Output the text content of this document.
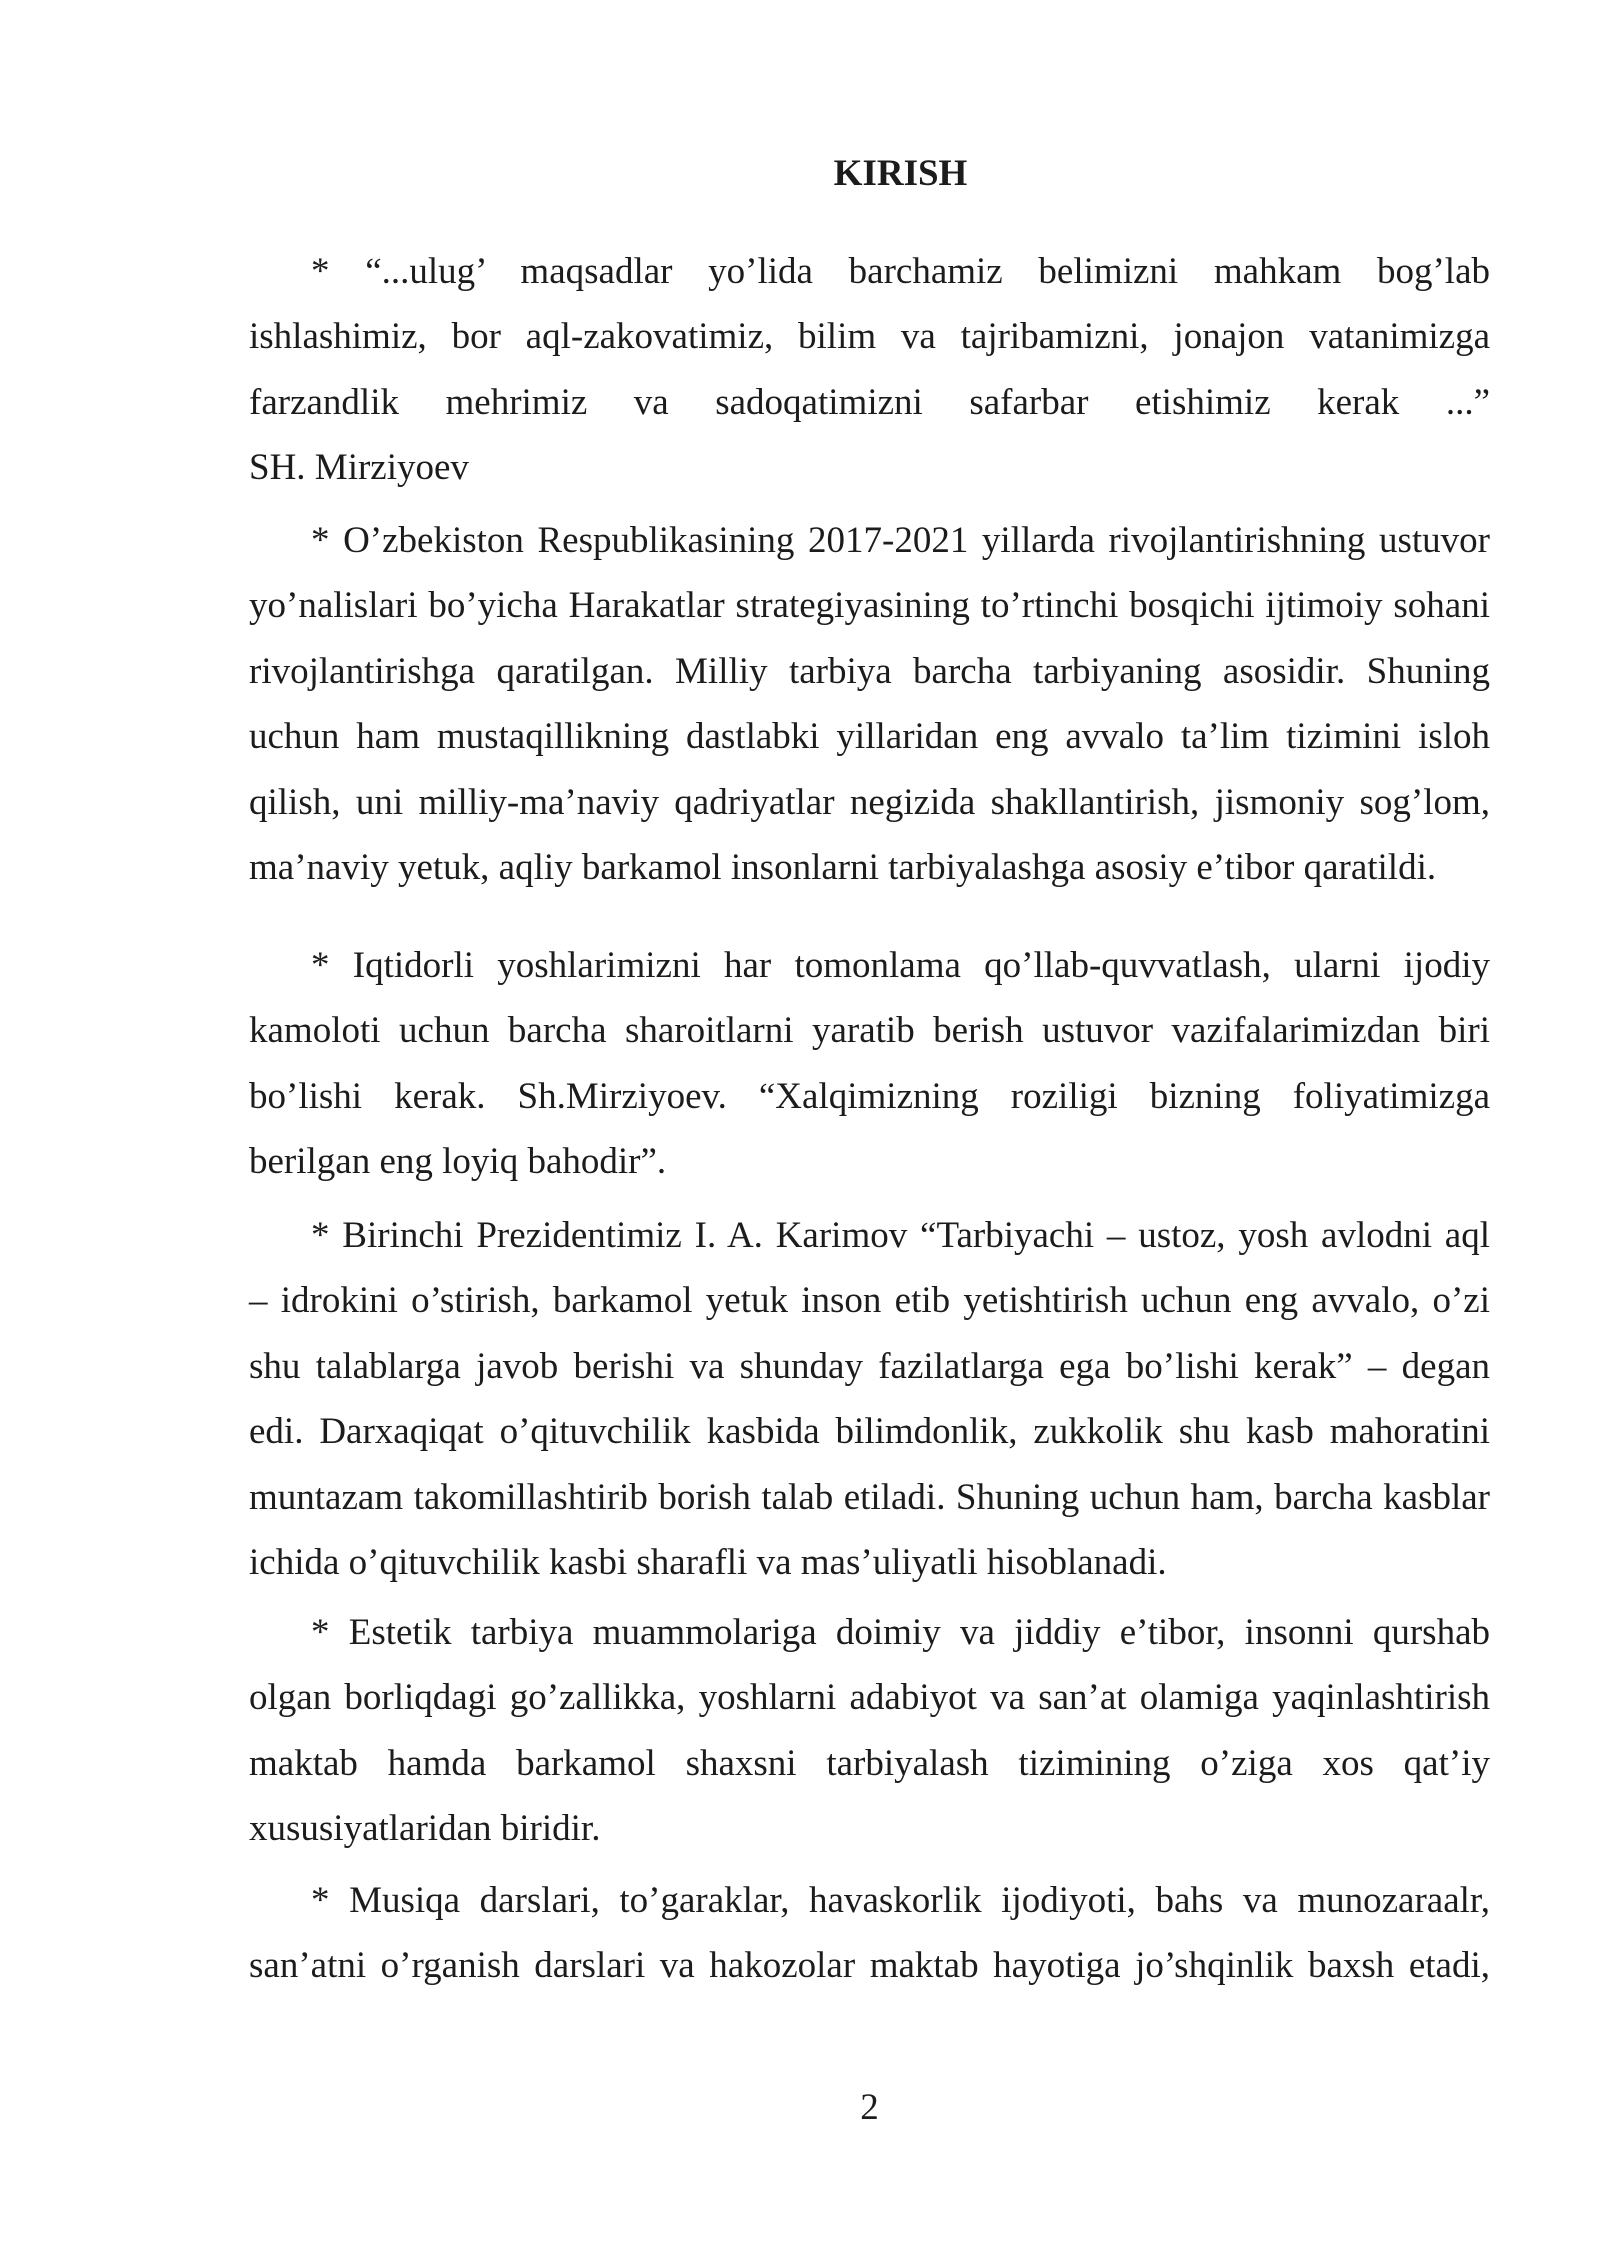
KIRISH
* “...ulug’ maqsadlar yo’lida barchamiz belimizni mahkam bog’lab
ishlashimiz, bor aql-zakovatimiz, bilim va tajribamizni, jonajon vatanimizga
farzandlik mehrimiz va sadoqatimizni safarbar etishimiz kerak ...”
SH. Mirziyoev
* O’zbekiston Respublikasining 2017-2021 yillarda rivojlantirishning ustuvor
yo’nalislari bo’yicha Harakatlar strategiyasining to’rtinchi bosqichi ijtimoiy sohani
rivojlantirishga qaratilgan. Milliy tarbiya barcha tarbiyaning asosidir. Shuning
uchun ham mustaqillikning dastlabki yillaridan eng avvalo ta’lim tizimini isloh
qilish, uni milliy-ma’naviy qadriyatlar negizida shakllantirish, jismoniy sog’lom,
ma’naviy yetuk, aqliy barkamol insonlarni tarbiyalashga asosiy e’tibor qaratildi.
* Iqtidorli yoshlarimizni har tomonlama qo’llab-quvvatlash, ularni ijodiy
kamoloti uchun barcha sharoitlarni yaratib berish ustuvor vazifalarimizdan biri
bo’lishi kerak. Sh.Mirziyoev. “Xalqimizning roziligi bizning foliyatimizga
berilgan eng loyiq bahodir”.
* Birinchi Prezidentimiz I. A. Karimov “Tarbiyachi – ustoz, yosh avlodni aql
– idrokini o’stirish, barkamol yetuk inson etib yetishtirish uchun eng avvalo, o’zi
shu talablarga javob berishi va shunday fazilatlarga ega bo’lishi kerak” – degan
edi. Darxaqiqat o’qituvchilik kasbida bilimdonlik, zukkolik shu kasb mahoratini
muntazam takomillashtirib borish talab etiladi. Shuning uchun ham, barcha kasblar
ichida o’qituvchilik kasbi sharafli va mas’uliyatli hisoblanadi.
* Estetik tarbiya muammolariga doimiy va jiddiy e’tibor, insonni qurshab
olgan borliqdagi go’zallikka, yoshlarni adabiyot va san’at olamiga yaqinlashtirish
maktab hamda barkamol shaxsni tarbiyalash tizimining o’ziga xos qat’iy
xususiyatlaridan biridir.
* Musiqa darslari, to’garaklar, havaskorlik ijodiyoti, bahs va munozaraalr,
san’atni o’rganish darslari va hakozolar maktab hayotiga jo’shqinlik baxsh etadi,
2
